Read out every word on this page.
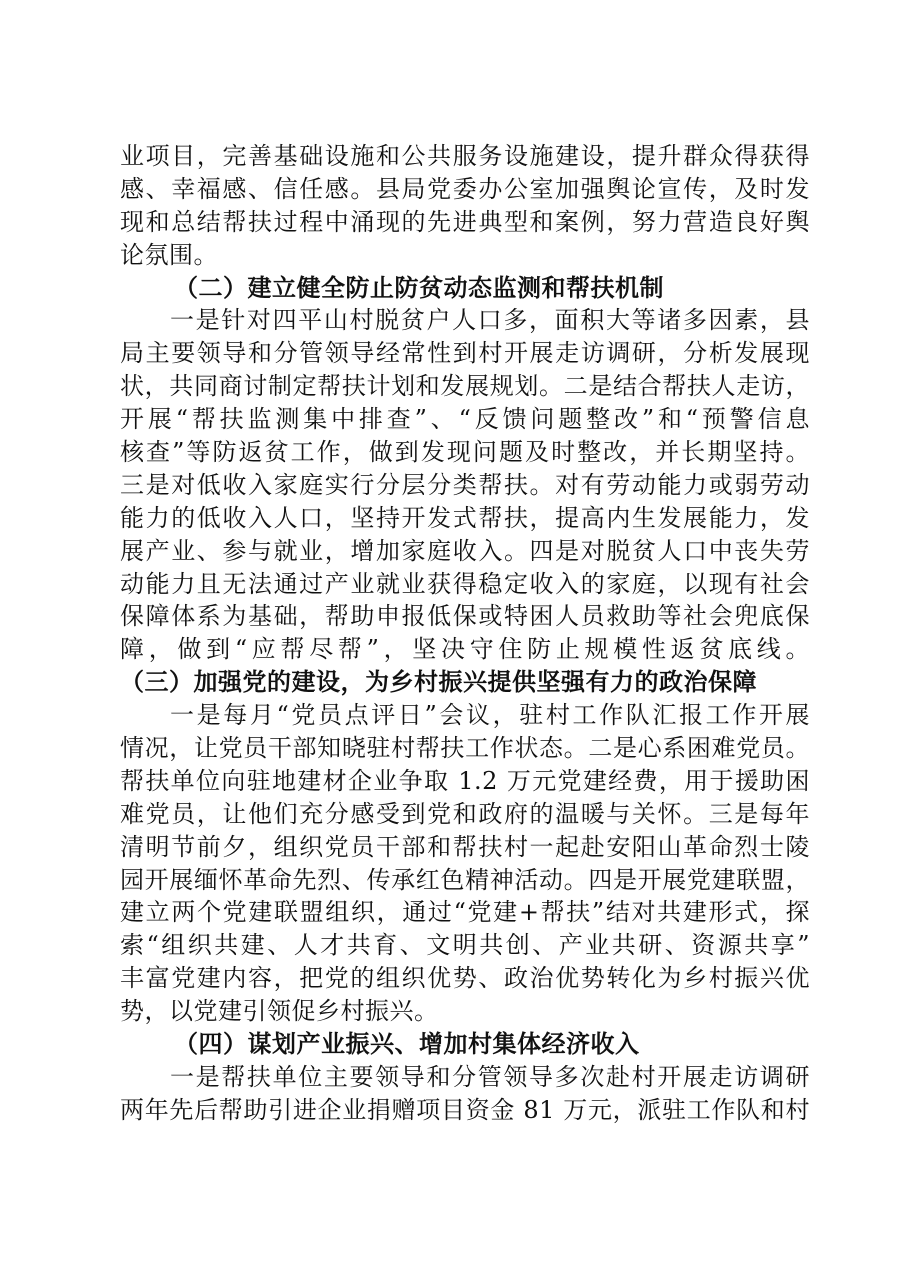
业项目，完善基础设施和公共服务设施建设，提升群众得获得
感、幸福感、信任感。县局党委办公室加强舆论宣传，及时发
现和总结帮扶过程中涌现的先进典型和案例，努力营造良好舆
论氛围。
（二）建立健全防止防贫动态监测和帮扶机制
一是针对四平山村脱贫户人口多，面积大等诸多因素，县
局主要领导和分管领导经常性到村开展走访调研，分析发展现
状，共同商讨制定帮扶计划和发展规划。二是结合帮扶人走访，
开展“帮扶监测集中排查”、“反馈问题整改”和“预警信息
核查”等防返贫工作，做到发现问题及时整改，并长期坚持。
三是对低收入家庭实行分层分类帮扶。对有劳动能力或弱劳动
能力的低收入人口，坚持开发式帮扶，提高内生发展能力，发
展产业、参与就业，增加家庭收入。四是对脱贫人口中丧失劳
动能力且无法通过产业就业获得稳定收入的家庭，以现有社会
保障体系为基础，帮助申报低保或特困人员救助等社会兜底保
障，做到“应帮尽帮”，坚决守住防止规模性返贫底线。
（三）加强党的建设，为乡村振兴提供坚强有力的政治保障
一是每月“党员点评日”会议，驻村工作队汇报工作开展
情况，让党员干部知晓驻村帮扶工作状态。二是心系困难党员。
帮扶单位向驻地建材企业争取 1.2 万元党建经费，用于援助困
难党员，让他们充分感受到党和政府的温暖与关怀。三是每年
清明节前夕，组织党员干部和帮扶村一起赴安阳山革命烈士陵
园开展缅怀革命先烈、传承红色精神活动。四是开展党建联盟，
建立两个党建联盟组织，通过“党建+帮扶”结对共建形式，探
索“组织共建、人才共育、文明共创、产业共研、资源共享”
丰富党建内容，把党的组织优势、政治优势转化为乡村振兴优
势，以党建引领促乡村振兴。
（四）谋划产业振兴、增加村集体经济收入
一是帮扶单位主要领导和分管领导多次赴村开展走访调研
两年先后帮助引进企业捐赠项目资金 81 万元，派驻工作队和村
